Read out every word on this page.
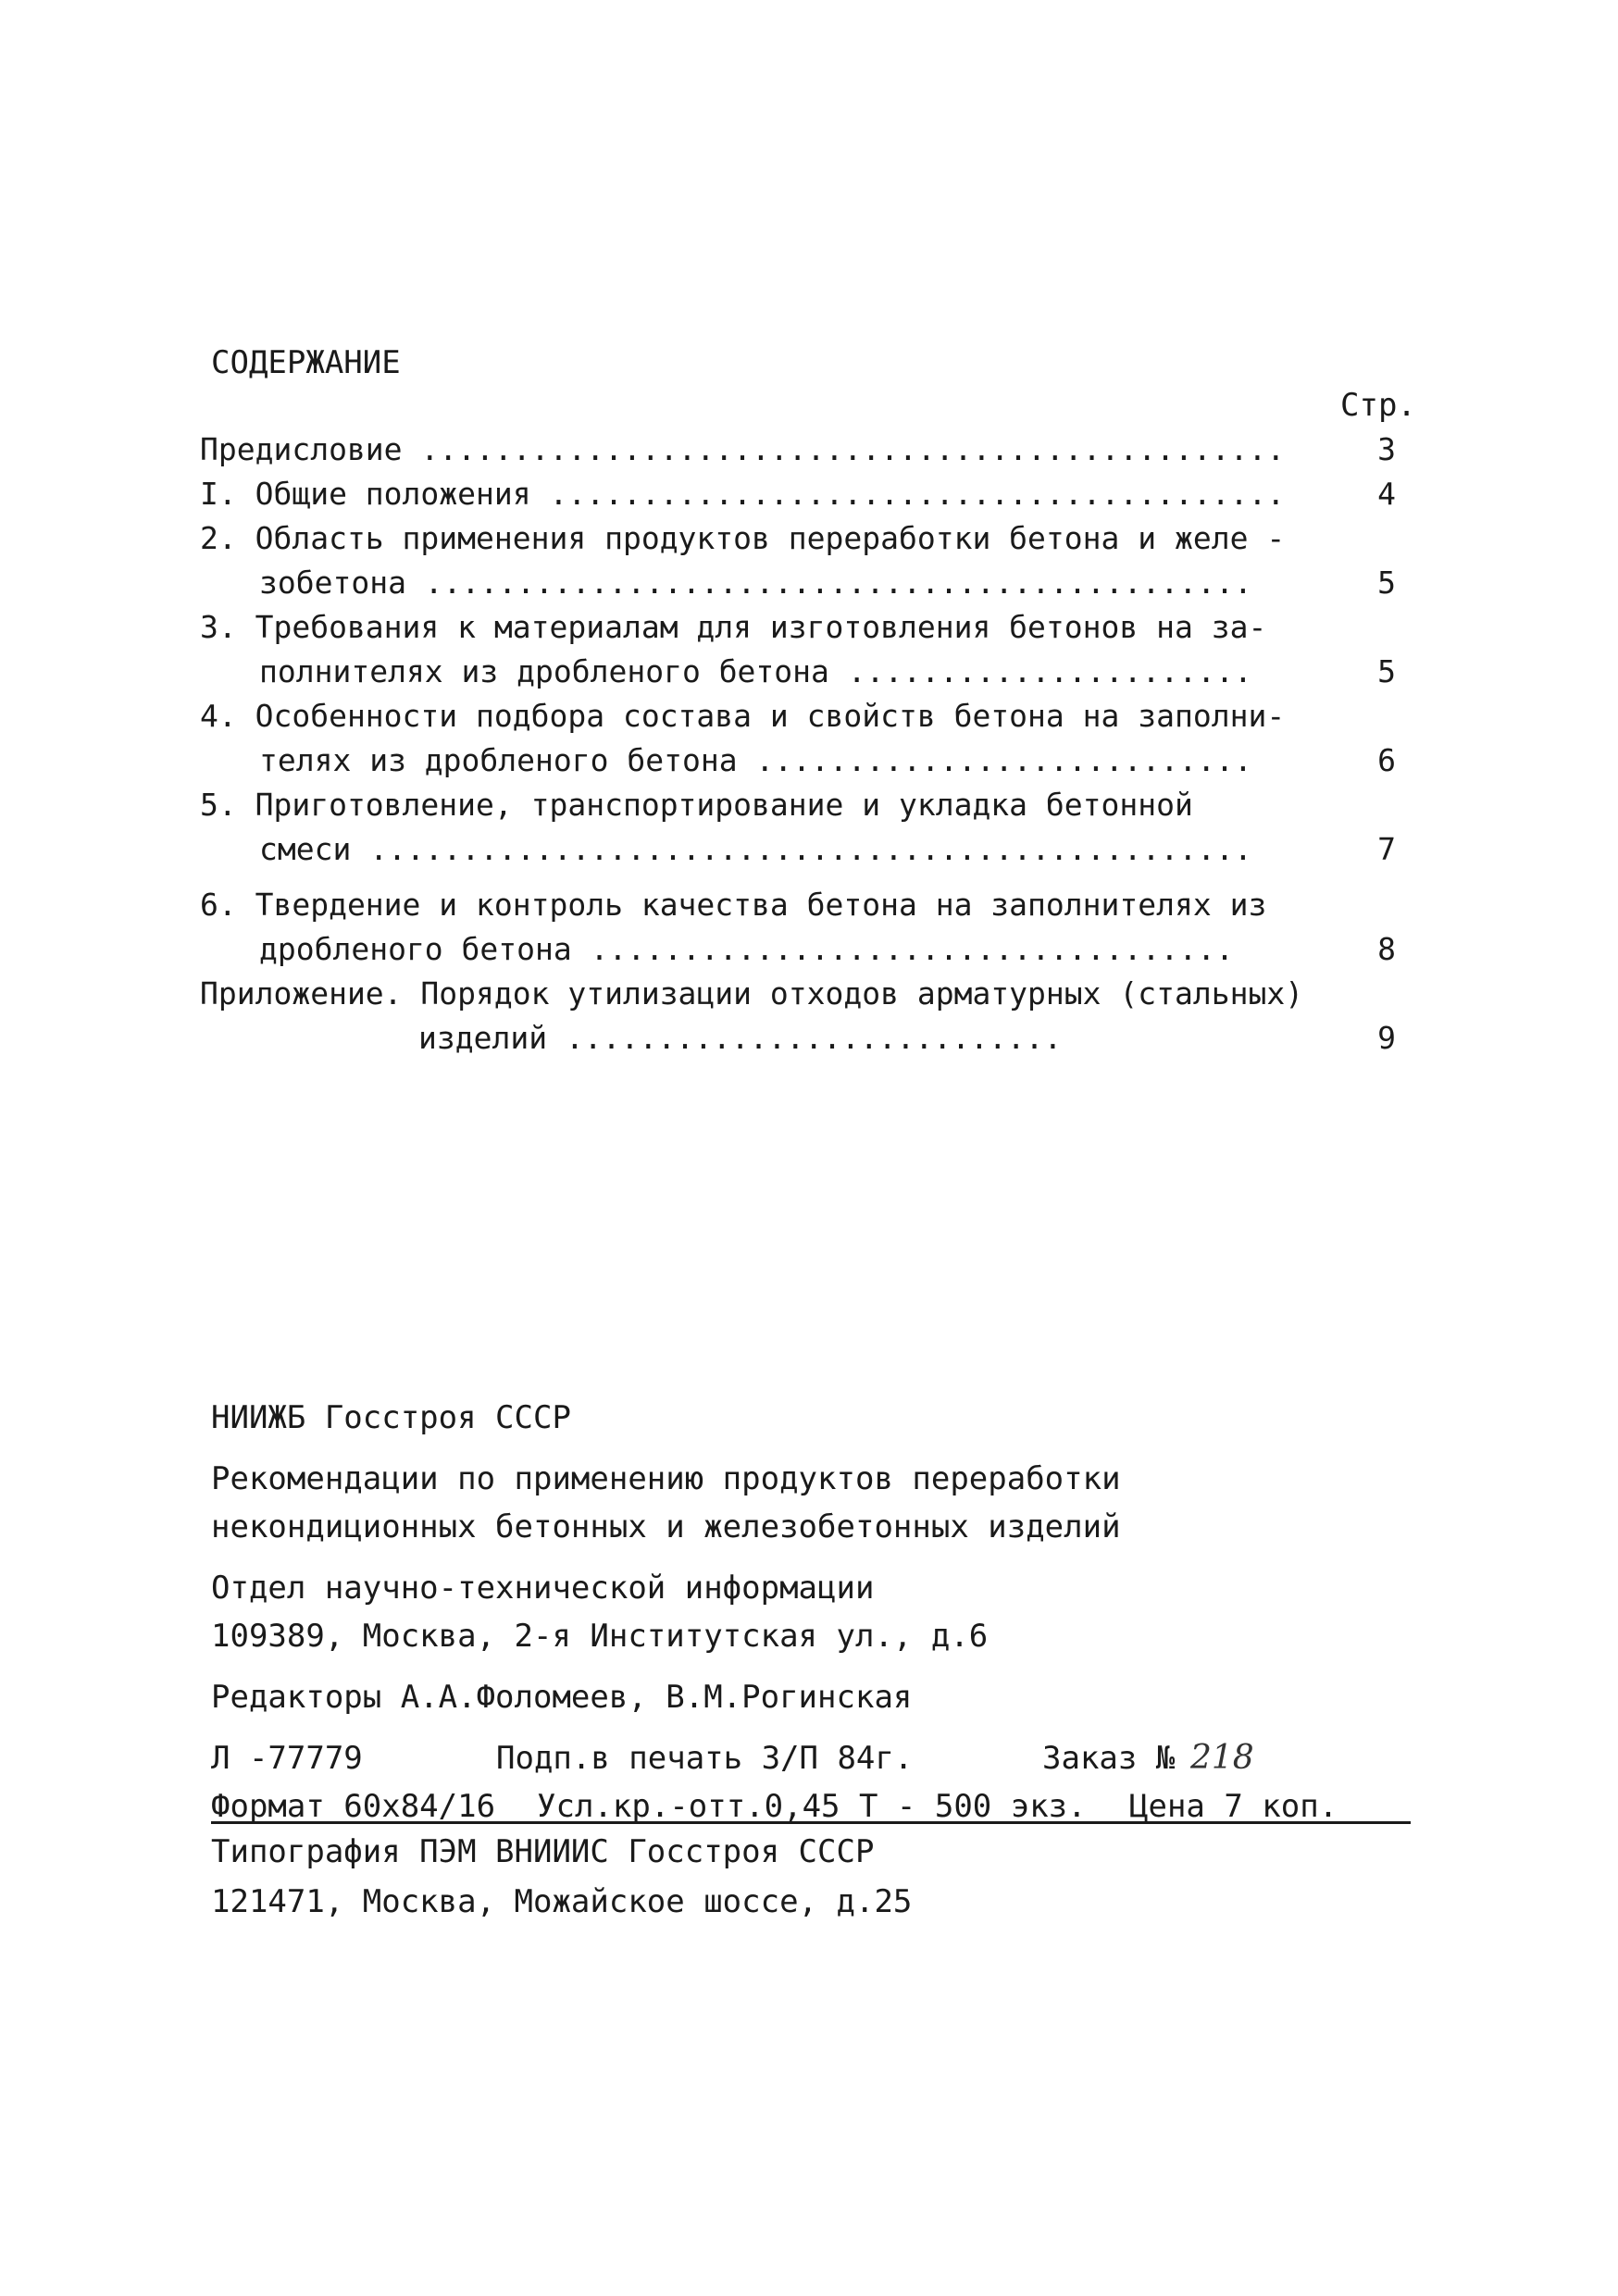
СОДЕРЖАНИЕ
Стр.
Предисловие ...............................................	3
I. Общие положения ........................................	4
2. Область применения продуктов переработки бетона и желе -
зобетона .............................................	5
3. Требования к материалам для изготовления бетонов на за-
полнителях из дробленого бетона ......................	5
4. Особенности подбора состава и свойств бетона на заполни-
телях из дробленого бетона ...........................	6
5. Приготовление, транспортирование и укладка бетонной
смеси ................................................	7
6. Твердение и контроль качества бетона на заполнителях из
дробленого бетона ...................................	8
Приложение. Порядок утилизации отходов арматурных (стальных)
изделий ...........................	9
НИИЖБ Госстроя СССР
Рекомендации по применению продуктов переработки
некондиционных бетонных и железобетонных изделий
Отдел научно-технической информации
109389, Москва, 2-я Институтская ул., д.6
Редакторы А.А.Фоломеев, В.М.Рогинская
Л -77779	Подп.в печать 3/П 84г.	Заказ № 218
Формат 60х84/16 Усл.кр.-отт.0,45 Т - 500 экз. Цена 7 коп.
Типография ПЭМ ВНИИИС Госстроя СССР
121471, Москва, Можайское шоссе, д.25
